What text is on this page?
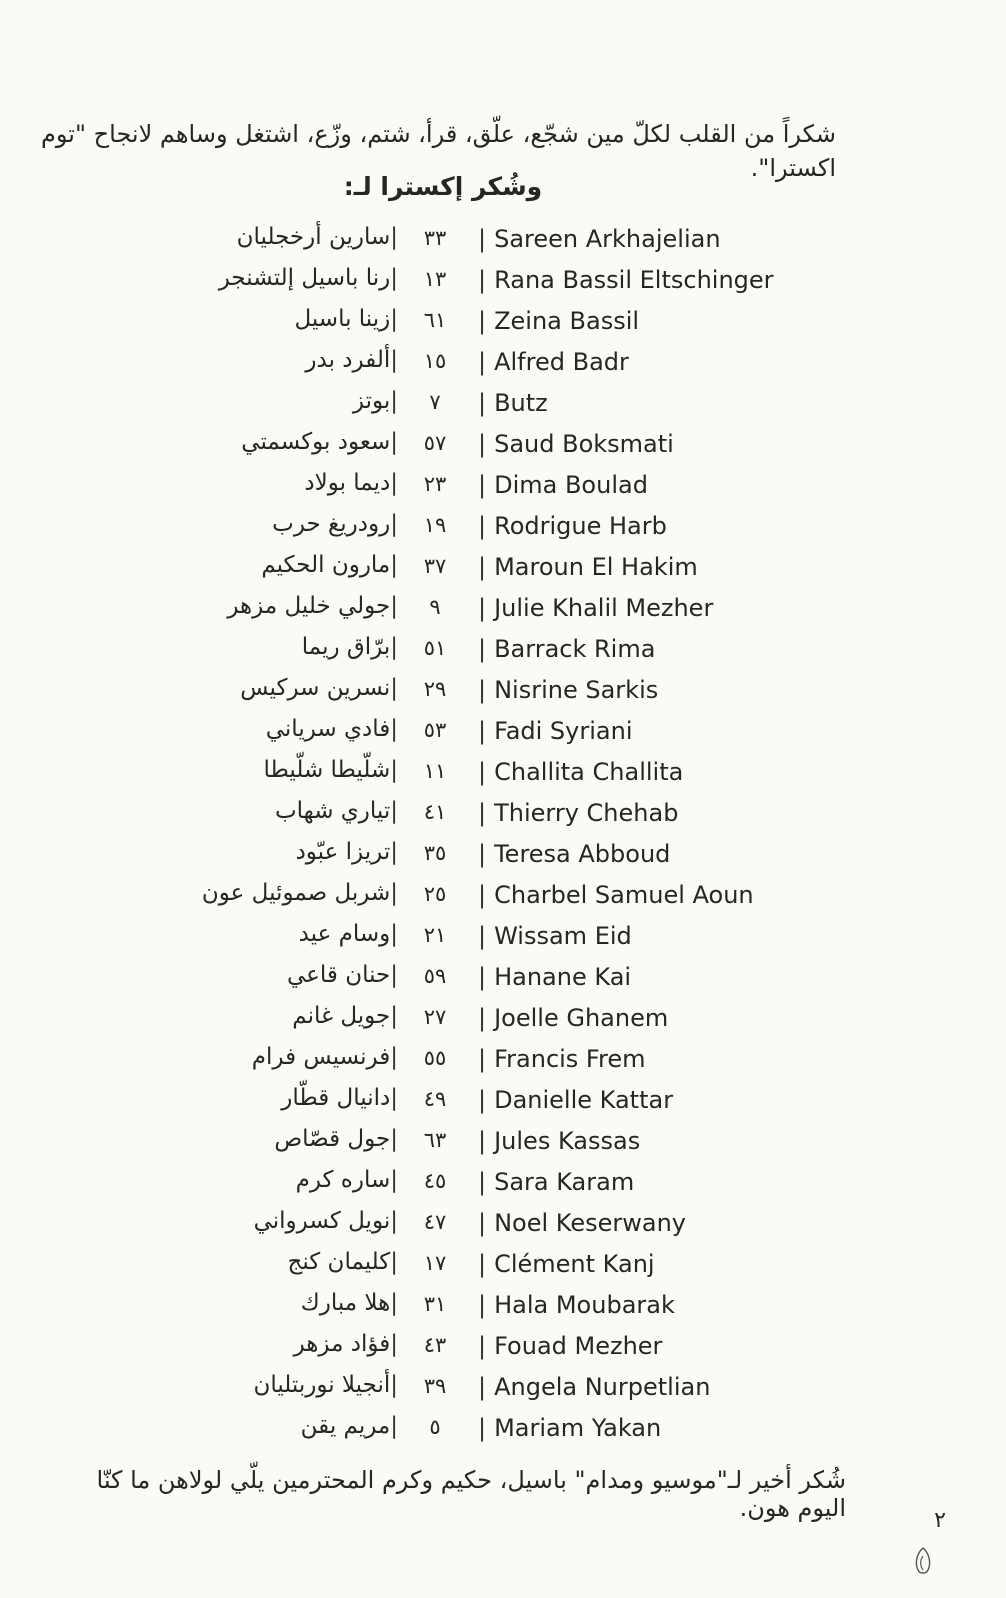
شكراً من القلب لكلّ مين شجّع، علّق، قرأ، شتم، وزّع، اشتغل وساهم لانجاح "توم اكسترا".
وشُكر إكسترا لـ:
|سارين أرخجليان	٣٣	| Sareen Arkhajelian
|رنا باسيل إلتشنجر	١٣	| Rana Bassil Eltschinger
|زينا باسيل	٦١	| Zeina Bassil
|ألفرد بدر	١٥	| Alfred Badr
|بوتز	٧	| Butz
|سعود بوكسمتي	٥٧	| Saud Boksmati
|ديما بولاد	٢٣	| Dima Boulad
|رودريغ حرب	١٩	| Rodrigue Harb
|مارون الحكيم	٣٧	| Maroun El Hakim
|جولي خليل مزهر	٩	| Julie Khalil Mezher
|برّاق ريما	٥١	| Barrack Rima
|نسرين سركيس	٢٩	| Nisrine Sarkis
|فادي سرياني	٥٣	| Fadi Syriani
|شلّيطا شلّيطا	١١	| Challita Challita
|تياري شهاب	٤١	| Thierry Chehab
|تريزا عبّود	٣٥	| Teresa Abboud
|شربل صموئيل عون	٢٥	| Charbel Samuel Aoun
|وسام عيد	٢١	| Wissam Eid
|حنان قاعي	٥٩	| Hanane Kai
|جويل غانم	٢٧	| Joelle Ghanem
|فرنسيس فرام	٥٥	| Francis Frem
|دانيال قطّار	٤٩	| Danielle Kattar
|جول قصّاص	٦٣	| Jules Kassas
|ساره كرم	٤٥	| Sara Karam
|نويل كسرواني	٤٧	| Noel Keserwany
|كليمان كنج	١٧	| Clément Kanj
|هلا مبارك	٣١	| Hala Moubarak
|فؤاد مزهر	٤٣	| Fouad Mezher
|أنجيلا نوربتليان	٣٩	| Angela Nurpetlian
|مريم يقن	٥	| Mariam Yakan
شُكر أخير لـ"موسيو ومدام" باسيل، حكيم وكرم المحترمين يلّي لولاهن ما كنّا اليوم هون.	٢
